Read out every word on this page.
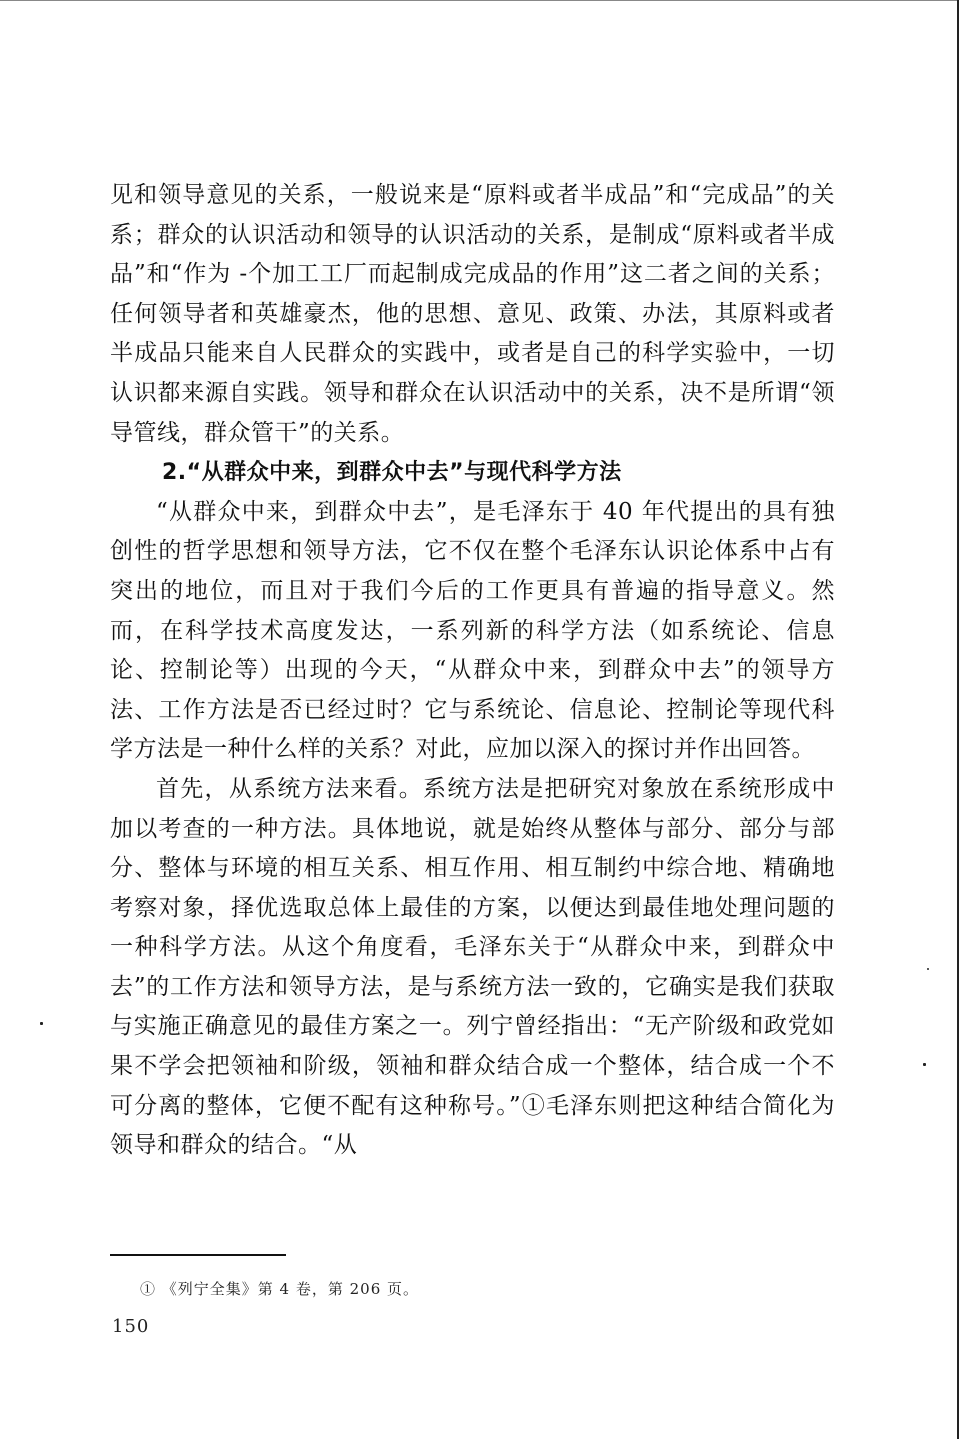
见和领导意见的关系，一般说来是“原料或者半成品”和“完成品”的关系；群众的认识活动和领导的认识活动的关系，是制成“原料或者半成品”和“作为 -个加工工厂而起制成完成品的作用”这二者之间的关系；任何领导者和英雄豪杰，他的思想、意见、政策、办法，其原料或者半成品只能来自人民群众的实践中，或者是自己的科学实验中，一切认识都来源自实践。领导和群众在认识活动中的关系，决不是所谓“领导管线，群众管干”的关系。

2.“从群众中来，到群众中去”与现代科学方法

“从群众中来，到群众中去”，是毛泽东于 40 年代提出的具有独创性的哲学思想和领导方法，它不仅在整个毛泽东认识论体系中占有突出的地位，而且对于我们今后的工作更具有普遍的指导意义。然而，在科学技术高度发达，一系列新的科学方法（如系统论、信息论、控制论等）出现的今天，“从群众中来，到群众中去”的领导方法、工作方法是否已经过时？它与系统论、信息论、控制论等现代科学方法是一种什么样的关系？对此，应加以深入的探讨并作出回答。

首先，从系统方法来看。系统方法是把研究对象放在系统形成中加以考查的一种方法。具体地说，就是始终从整体与部分、部分与部分、整体与环境的相互关系、相互作用、相互制约中综合地、精确地考察对象，择优选取总体上最佳的方案，以便达到最佳地处理问题的一种科学方法。从这个角度看，毛泽东关于“从群众中来，到群众中去”的工作方法和领导方法，是与系统方法一致的，它确实是我们获取与实施正确意见的最佳方案之一。列宁曾经指出：“无产阶级和政党如果不学会把领袖和阶级，领袖和群众结合成一个整体，结合成一个不可分离的整体，它便不配有这种称号。”①毛泽东则把这种结合简化为领导和群众的结合。“从

① 《列宁全集》第 4 卷，第 206 页。
150
